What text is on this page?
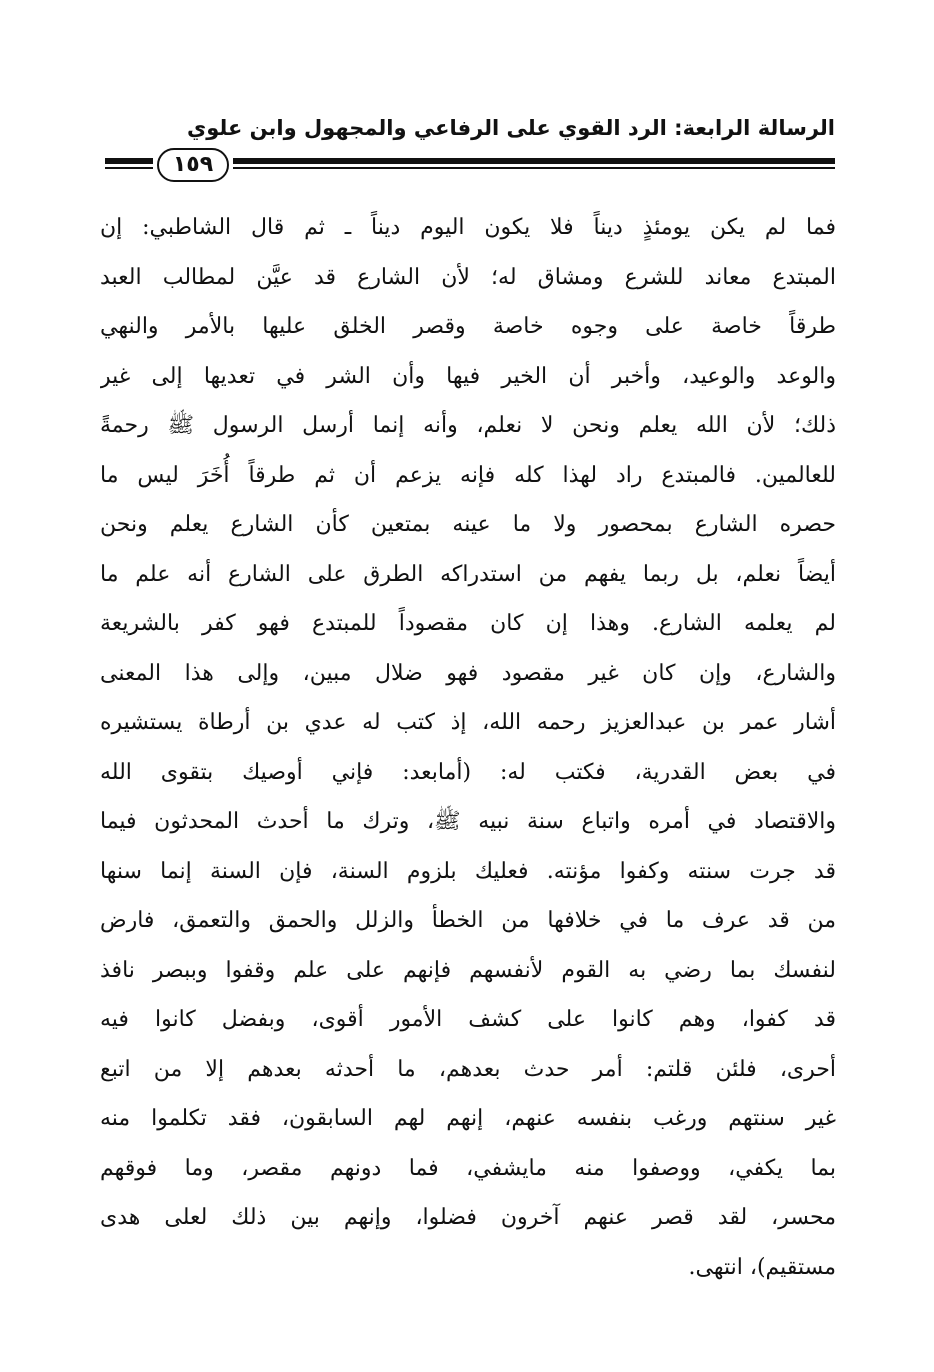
الرسالة الرابعة: الرد القوي على الرفاعي والمجهول وابن علوي
١٥٩
فما لم يكن يومئذٍ ديناً فلا يكون اليوم ديناً ـ ثم قال الشاطبي: إن
المبتدع معاند للشرع ومشاق له؛ لأن الشارع قد عيَّن لمطالب العبد
طرقاً خاصة على وجوه خاصة وقصر الخلق عليها بالأمر والنهي
والوعد والوعيد، وأخبر أن الخير فيها وأن الشر في تعديها إلى غير
ذلك؛ لأن الله يعلم ونحن لا نعلم، وأنه إنما أرسل الرسول ﷺ رحمةً
للعالمين. فالمبتدع راد لهذا كله فإنه يزعم أن ثم طرقاً أُخَرَ ليس ما
حصره الشارع بمحصور ولا ما عينه بمتعين كأن الشارع يعلم ونحن
أيضاً نعلم، بل ربما يفهم من استدراكه الطرق على الشارع أنه علم ما
لم يعلمه الشارع. وهذا إن كان مقصوداً للمبتدع فهو كفر بالشريعة
والشارع، وإن كان غير مقصود فهو ضلال مبين، وإلى هذا المعنى
أشار عمر بن عبدالعزيز رحمه الله، إذ كتب له عدي بن أرطاة يستشيره
في بعض القدرية، فكتب له: (أمابعد: فإني أوصيك بتقوى الله
والاقتصاد في أمره واتباع سنة نبيه ﷺ، وترك ما أحدث المحدثون فيما
قد جرت سنته وكفوا مؤنته. فعليك بلزوم السنة، فإن السنة إنما سنها
من قد عرف ما في خلافها من الخطأ والزلل والحمق والتعمق، فارض
لنفسك بما رضي به القوم لأنفسهم فإنهم على علم وقفوا وببصر نافذ
قد كفوا، وهم كانوا على كشف الأمور أقوى، وبفضل كانوا فيه
أحرى، فلئن قلتم: أمر حدث بعدهم، ما أحدثه بعدهم إلا من اتبع
غير سنتهم ورغب بنفسه عنهم، إنهم لهم السابقون، فقد تكلموا منه
بما يكفي، ووصفوا منه مايشفي، فما دونهم مقصر، وما فوقهم
محسر، لقد قصر عنهم آخرون فضلوا، وإنهم بين ذلك لعلى هدى
مستقيم)، انتهى.
